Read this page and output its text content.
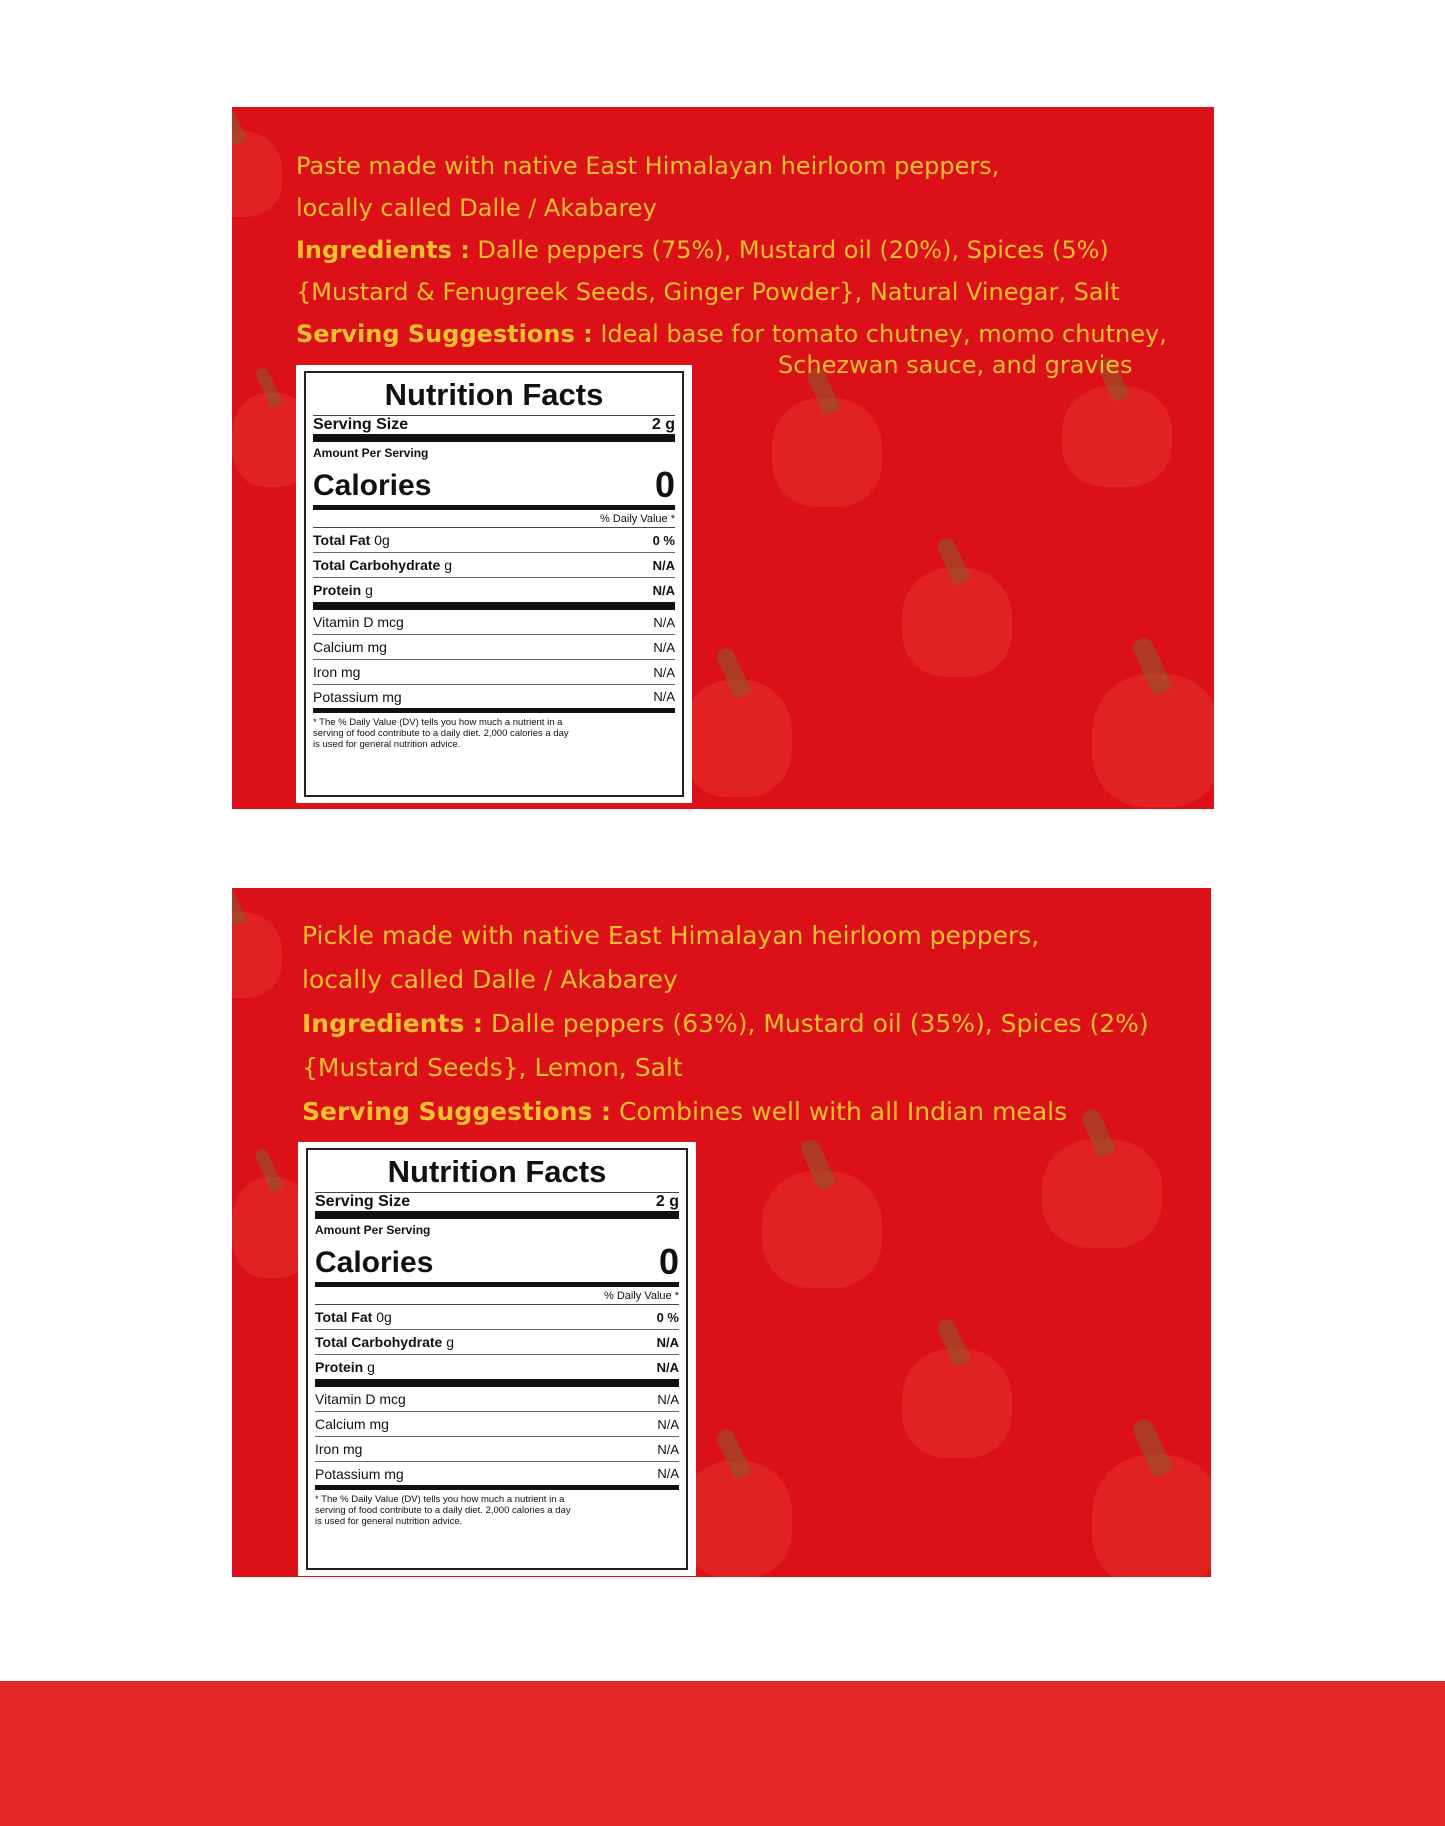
Paste made with native East Himalayan heirloom peppers,
locally called Dalle / Akabarey
Ingredients : Dalle peppers (75%), Mustard oil (20%), Spices (5%)
{Mustard & Fenugreek Seeds, Ginger Powder}, Natural Vinegar, Salt
Serving Suggestions : Ideal base for tomato chutney, momo chutney,
Schezwan sauce, and gravies
Nutrition Facts
Serving Size	2 g
Amount Per Serving
Calories	0
% Daily Value *
Total Fat 0g	0 %
Total Carbohydrate g	N/A
Protein g	N/A
Vitamin D mcg	N/A
Calcium mg	N/A
Iron mg	N/A
Potassium mg	N/A
* The % Daily Value (DV) tells you how much a nutrient in a
serving of food contribute to a daily diet. 2,000 calories a day
is used for general nutrition advice.
Pickle made with native East Himalayan heirloom peppers,
locally called Dalle / Akabarey
Ingredients : Dalle peppers (63%), Mustard oil (35%), Spices (2%)
{Mustard Seeds}, Lemon, Salt
Serving Suggestions : Combines well with all Indian meals
Nutrition Facts
Serving Size	2 g
Amount Per Serving
Calories	0
% Daily Value *
Total Fat 0g	0 %
Total Carbohydrate g	N/A
Protein g	N/A
Vitamin D mcg	N/A
Calcium mg	N/A
Iron mg	N/A
Potassium mg	N/A
* The % Daily Value (DV) tells you how much a nutrient in a
serving of food contribute to a daily diet. 2,000 calories a day
is used for general nutrition advice.
